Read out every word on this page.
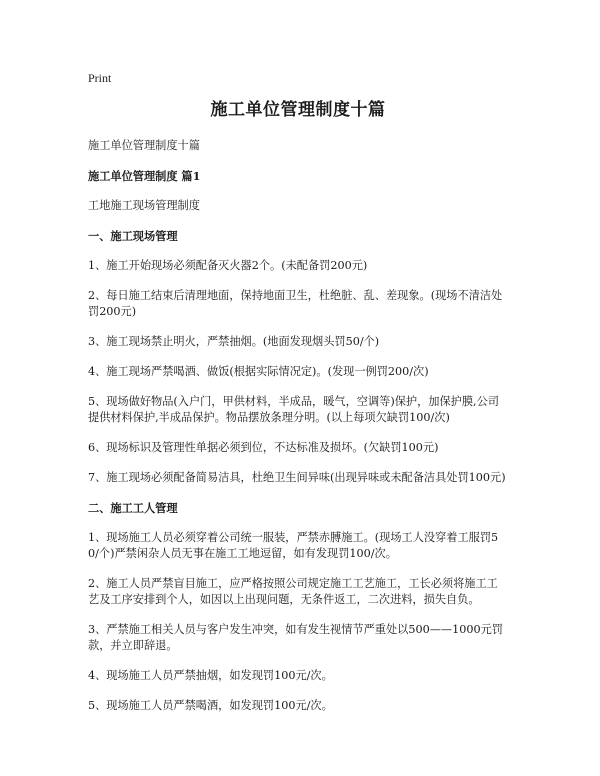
Print
施工单位管理制度十篇
施工单位管理制度十篇
施工单位管理制度 篇1
工地施工现场管理制度
一、施工现场管理
1、施工开始现场必须配备灭火器2个。(未配备罚200元)
2、每日施工结束后清理地面，保持地面卫生，杜绝脏、乱、差现象。(现场不清洁处罚200元)
3、施工现场禁止明火，严禁抽烟。(地面发现烟头罚50/个)
4、施工现场严禁喝酒、做饭(根据实际情况定)。(发现一例罚200/次)
5、现场做好物品(入户门，甲供材料，半成品，暖气，空调等)保护，加保护膜,公司提供材料保护,半成品保护。物品摆放条理分明。(以上每项欠缺罚100/次)
6、现场标识及管理性单据必须到位，不达标准及损坏。(欠缺罚100元)
7、施工现场必须配备简易洁具，杜绝卫生间异味(出现异味或未配备洁具处罚100元)
二、施工工人管理
1、现场施工人员必须穿着公司统一服装，严禁赤膊施工。(现场工人没穿着工服罚50/个)严禁闲杂人员无事在施工工地逗留，如有发现罚100/次。
2、施工人员严禁盲目施工，应严格按照公司规定施工工艺施工，工长必须将施工工艺及工序安排到个人，如因以上出现问题，无条件返工，二次进料，损失自负。
3、严禁施工相关人员与客户发生冲突，如有发生视情节严重处以500——1000元罚款，并立即辞退。
4、现场施工人员严禁抽烟，如发现罚100元/次。
5、现场施工人员严禁喝酒，如发现罚100元/次。
